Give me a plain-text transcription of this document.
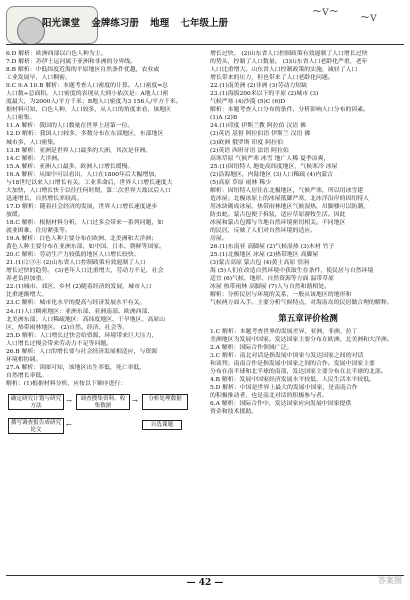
阳光课堂 金牌练习册 地理 七年级上册
~v~ ~v
6.D 解析：欧洲西部以白色人种为主。
7.D 解析：苏伊士运河属于亚洲和非洲的分界线。
8.B 解析：中低纬度近海的平原地区自然条件优越，农业或
工业发展早，人口稠密。
9.C 9.A 10.B 解析：本题考查人口密度的计算。人口密度=总
人口数÷总面积。人口密度的表现从大到小依次是：A地人口密
度最大，为2000人/平方千米；B地人口密度为3 156人/平方千米。
据材料可知，白色人种，人口较多，从人口的角度来看，该地区
人口密集。
11.A 解析：我国的人口数量在世界上居第一位。
12.D 解析：我国人口较多，多数分布在东部地区，东部地区
城市多，人口密集。
13.B 解析：亚洲是世界人口最多的大洲，其次是非洲。
14.C 解析：大洋洲。
15.A 解析：亚洲人口最多，欧洲人口增长缓慢。
16.A 解析：从图中可以看出，人口在1800年后大幅增加，
与18世纪以来人口增长有关。工业革命后，世界人口增长速度大
大加快，人口增长快于以往任何时期，第二次世界大战以后人口
迅速增长，自然增长率较高。
17.D 解析：随着社会经济的发展，世界人口增长速度逐步
放缓。
18.C 解析：根据材料分析，人口过多会带来一系列问题，如
就业困难、住房紧张等。
19.A 解析：白色人种主要分布在欧洲、北美洲和大洋洲；
黄色人种主要分布在亚洲东部，如中国、日本、朝鲜等国家。
20.C 解析：劳动生产力较低的地区人口增长较快。
21.(1)②③④ (2)山东省人口控制政策有效遏制了人口
增长过快的趋势。 (3)老年人口比重增大，劳动力不足，社会
养老负担加重。
22.(1)城市、郊区、乡村 (2)随着经济的发展，城市人口
比重逐渐增大。
23.C 解析：城市化水平的提高与经济发展水平有关。
24.(1)人口稠密地区：亚洲东部、亚洲南部、欧洲西部、
北美洲东部；人口稀疏地区：高纬度地区、干旱地区、高原山
区、热带雨林地区。 (2)自然、经济、社会等。
25.D 解析：人口增长过快会给资源、环境带来巨大压力，
人口增长过慢会带来劳动力不足等问题。
26.B 解析：人口的增长要与社会经济发展相适应，与资源
环境相协调。
27.A 解析：读图可知，该地区出生率低，死亡率低，
自然增长率低。
解析：(1)根据材料分析，应按以下顺序进行：
确定研究计划与研究方法
→	调查搜集资料，收集数据
→	分析处理数据
撰写调查报告成研究论文
自选课题
←
增长过快。 (2)山东省人口控制政策有效遏制了人口增长过快
的势头，控制了人口数量。 (3)山东省人口老龄化严重，老年
人口比重增大。山东省人口控制政策的实施，减轻了人口
增长带来的压力，但也带来了人口老龄化问题。
22.(1)南美洲 (2)非洲 (3)劳动力短缺
23.(1)海拔200米以下的平原 (2)城市 (3)
气候严寒 (4)沙漠 (5)C (6)D
解析：本题考查人口分布的条件，分析影响人口分布的因素。
(1)A (2)B
24.(1)印度 伊斯兰教 阿拉伯 汉语 佛
(2)英语 基督 阿拉伯语 伊斯兰 汉语 佛
(3)欧洲 俄罗斯 印度 阿拉伯
(2)英语 西班牙语 法语 阿拉伯
高寒草原 气候严寒 冰雪 地广人稀 夏季凉爽，
25.(1)因纽特人 地处高纬度地区，气候寒冷 冰屋
(2)沿海地区，内陆地区 (3)人口稀疏 (4)内蒙古
(5)高原 草原 雨林 稀少
解析：因纽特人居住在北极地区，气候严寒，所以用冰雪建
造冰屋；北极冰原上的冰屋抵御严寒，北冰洋沿岸的因纽特人
用冰块砌成冰屋。热带雨林地区气候湿热，吊脚楼可以防潮，
防虫蛇。蒙古包便于拆装，适应草原游牧生活。因此
冰屋和蒙古包都与当地自然环境密切相关。不同地区
的民居，反映了人们对自然环境的适应。
房屋。
26.(1)东南亚 高脚屋 (2)气候湿热 (3)木材 竹子
25.(1)北极地区 冰屋 (2)热带地区 高脚屋
(3)蒙古高原 蒙古包 (4)黄土高原 窑洞
海 (5)人们在改造自然环境中获取生存条件，使民居与自然环境
适宜 (6)气候、地形、自然资源等方面 温带草原
冰屋 热带雨林 高脚屋 (7)人与自然和谐相处。
解析：分析民居与环境的关系，一般从该地区的地形和
气候两方面入手。主要分析气候特点，对海南岛的民居做合理的解释。
第五章评价检测
1.C 解析：本题考查世界的发展差异，亚洲、非洲、拉丁
美洲地区为发展中国家。发达国家主要分布在欧洲、北美洲和大洋洲。
2.A 解析：国际合作领域广泛。
3.C 解析：南北对话是指发展中国家与发达国家之间的对话
和谈判；南南合作是指发展中国家之间的合作。发展中国家主要
分布在南半球和北半球的南部，发达国家主要分布在北半球的北部。
4.B 解析：发展中国家经济发展水平较低，人民生活水平较低。
5.D 解析：中国是世界上最大的发展中国家，是南南合作
的积极推动者，也是南北对话的积极参与者。
6.A 解析：国际合作中，发达国家应向发展中国家提供
资金和技术援助。
— 42 —	答案圈
